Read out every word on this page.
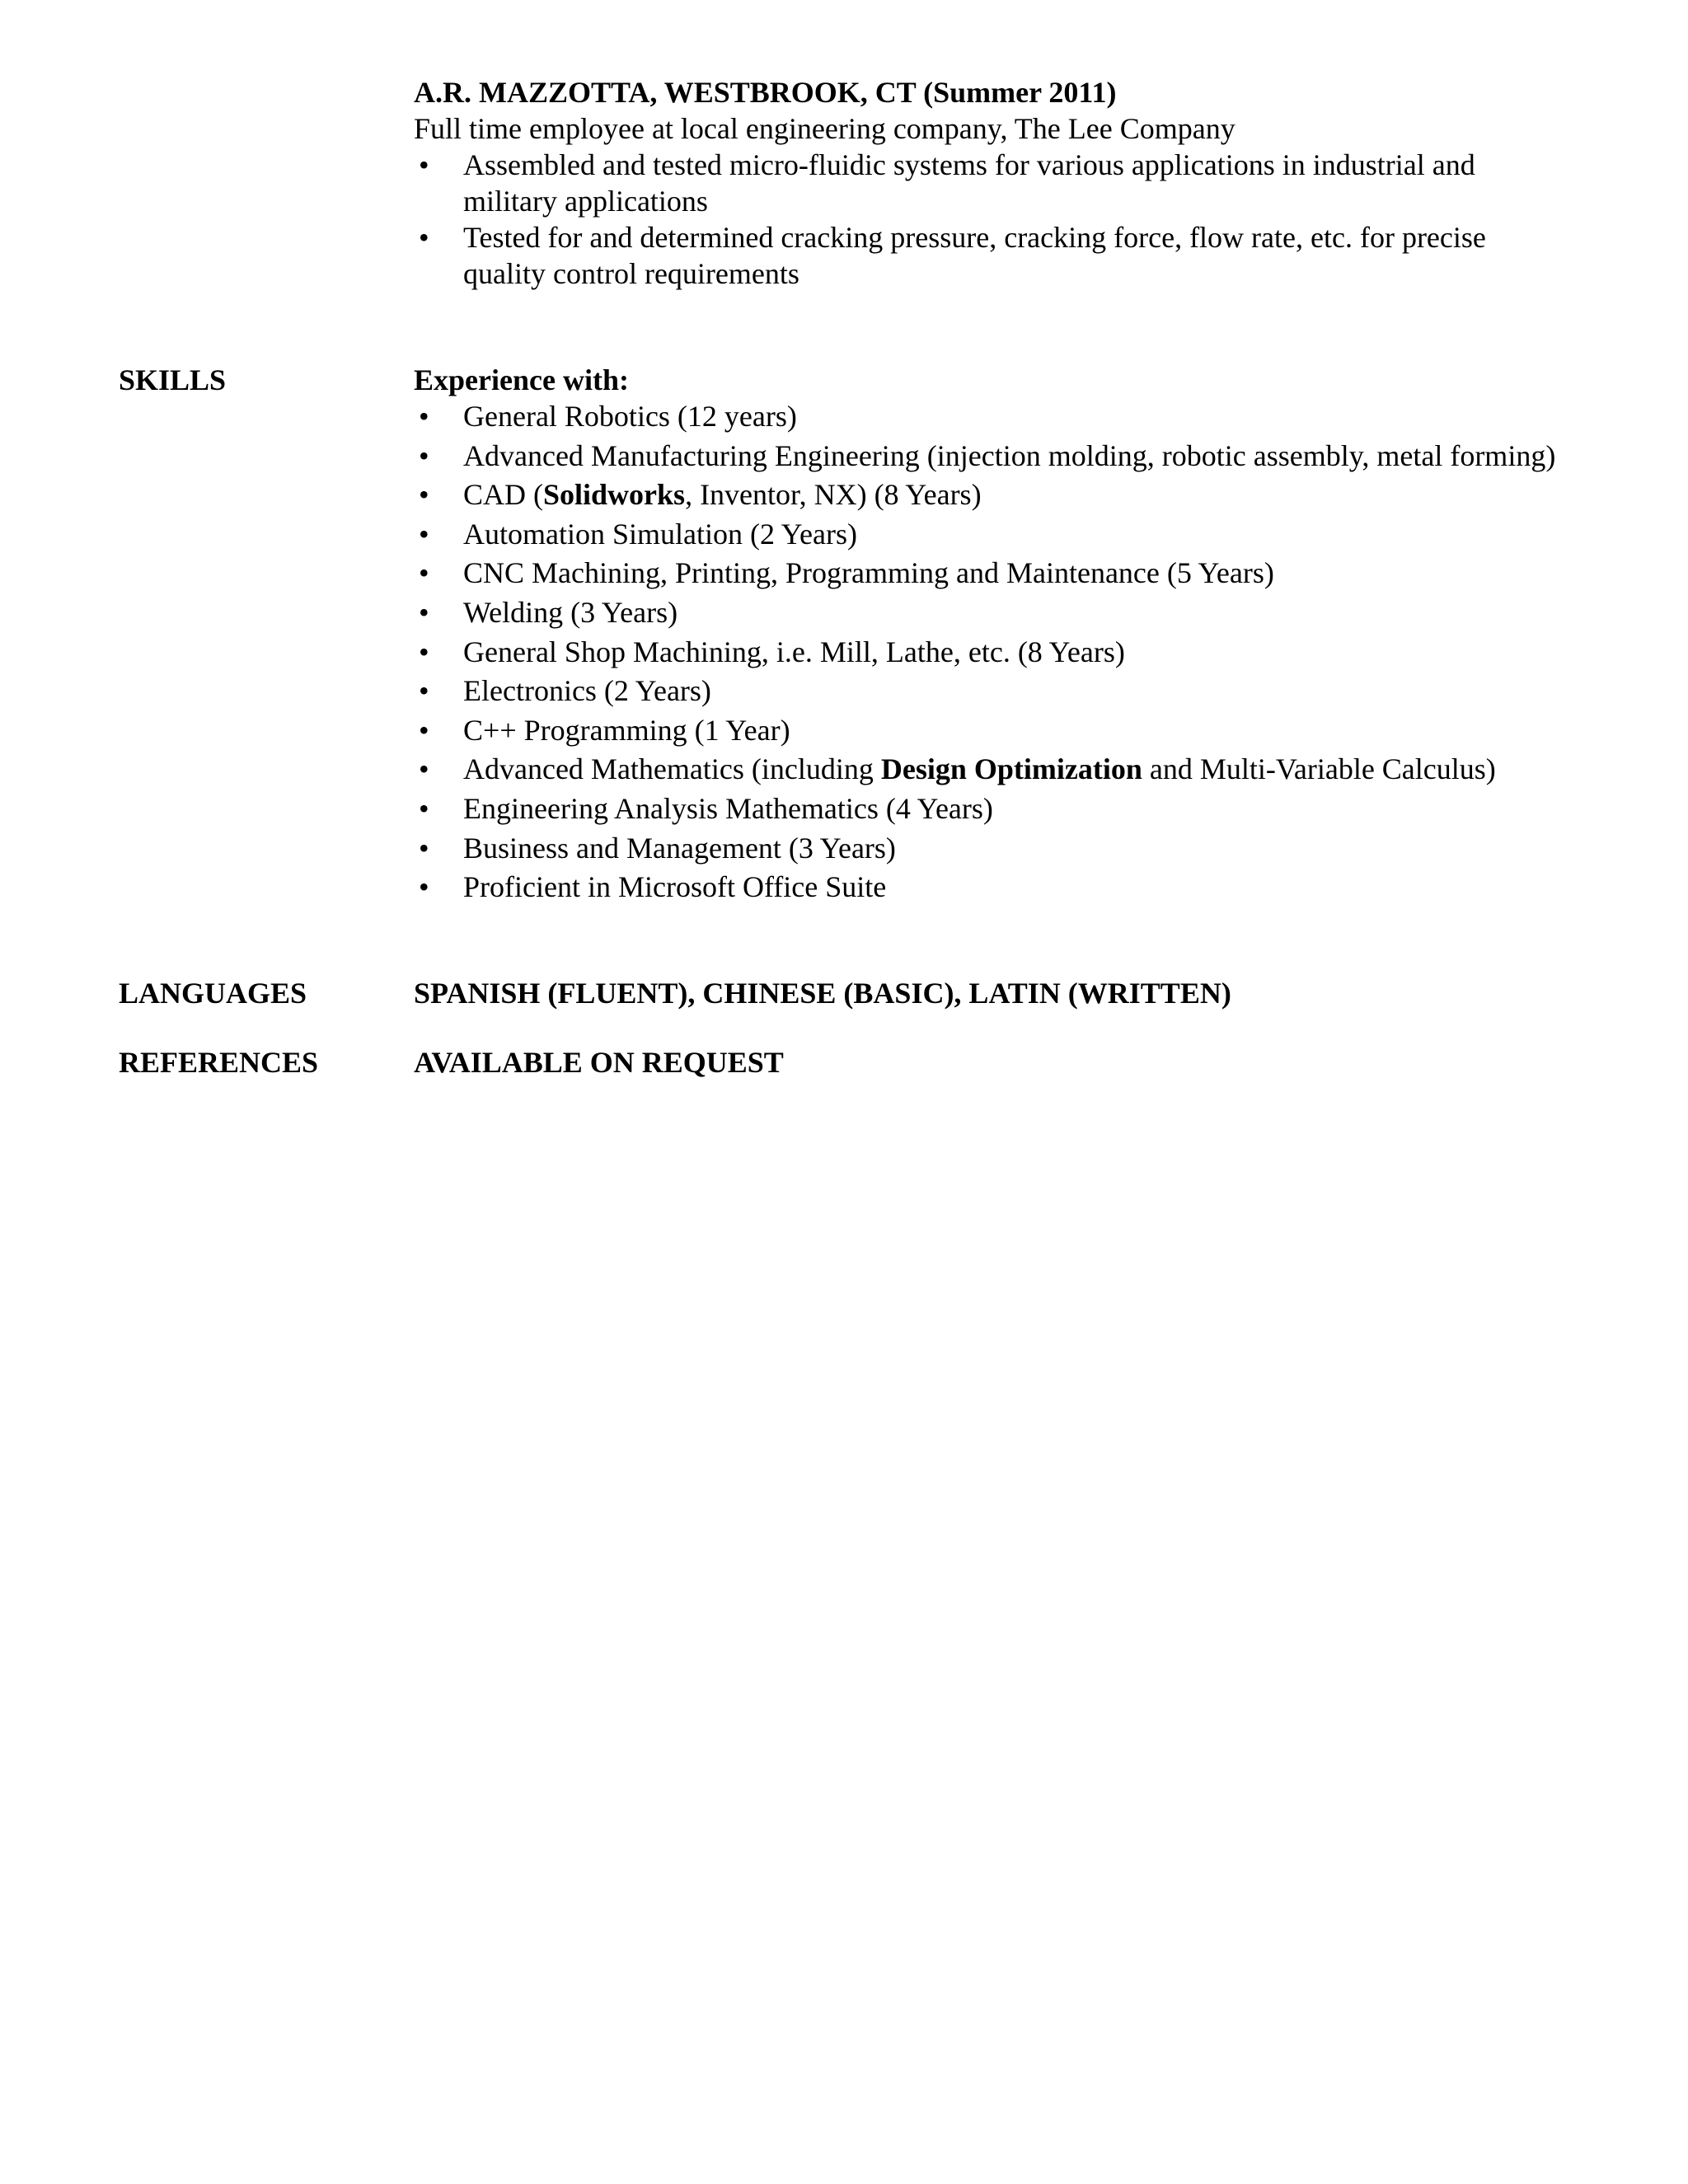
A.R. MAZZOTTA, WESTBROOK, CT (Summer 2011)

Full time employee at local engineering company, The Lee Company

•	Assembled and tested micro-fluidic systems for various applications in industrial and military applications
•	Tested for and determined cracking pressure, cracking force, flow rate, etc. for precise quality control requirements

SKILLS	Experience with:

•	General Robotics (12 years)
•	Advanced Manufacturing Engineering (injection molding, robotic assembly, metal forming)
•	CAD (Solidworks, Inventor, NX) (8 Years)
•	Automation Simulation (2 Years)
•	CNC Machining, Printing, Programming and Maintenance (5 Years)
•	Welding (3 Years)
•	General Shop Machining, i.e. Mill, Lathe, etc. (8 Years)
•	Electronics (2 Years)
•	C++ Programming (1 Year)
•	Advanced Mathematics (including Design Optimization and Multi-Variable Calculus)
•	Engineering Analysis Mathematics (4 Years)
•	Business and Management (3 Years)
•	Proficient in Microsoft Office Suite

LANGUAGES	SPANISH (FLUENT), CHINESE (BASIC), LATIN (WRITTEN)

REFERENCES	AVAILABLE ON REQUEST
